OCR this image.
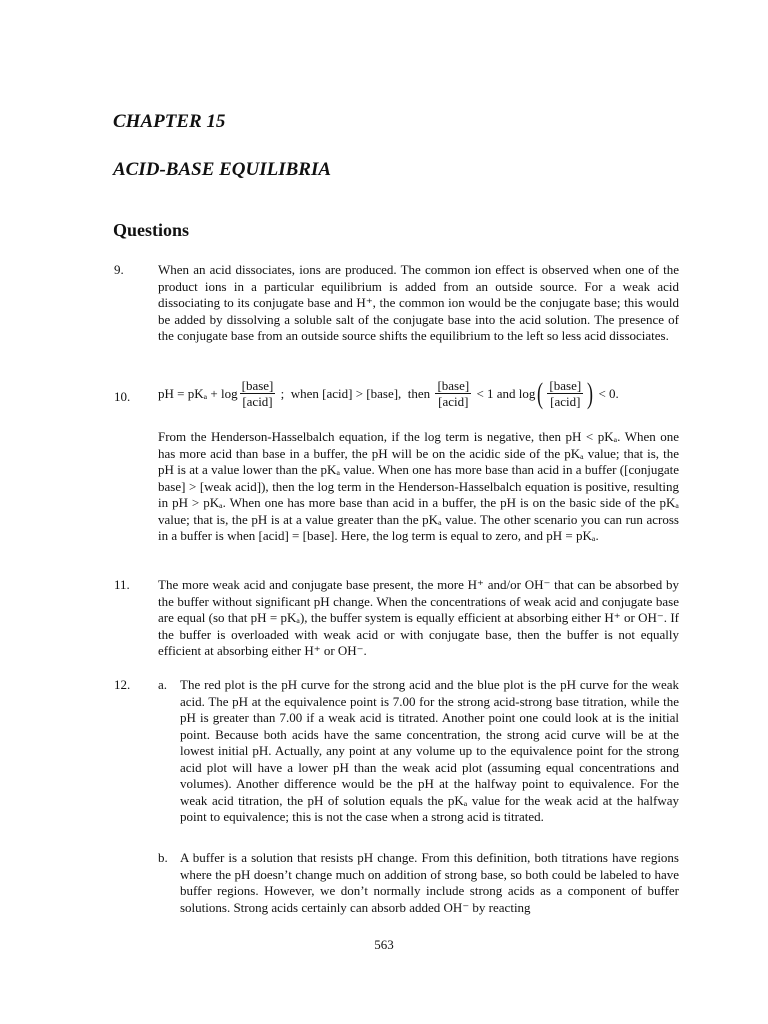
CHAPTER 15
ACID-BASE EQUILIBRIA
Questions
9.	When an acid dissociates, ions are produced. The common ion effect is observed when one of the product ions in a particular equilibrium is added from an outside source. For a weak acid dissociating to its conjugate base and H⁺, the common ion would be the conjugate base; this would be added by dissolving a soluble salt of the conjugate base into the acid solution. The presence of the conjugate base from an outside source shifts the equilibrium to the left so less acid dissociates.
10. pH = $pK_a + \log \frac{\text{[base]}}{\text{[acid]}}$ ;  when [acid] > [base],  then $\frac{\text{[base]}}{\text{[acid]}} < 1$ and log ( $\frac{\text{[base]}}{\text{[acid]}}$ ) < 0.
From the Henderson-Hasselbalch equation, if the log term is negative, then pH < pKₐ. When one has more acid than base in a buffer, the pH will be on the acidic side of the pKₐ value; that is, the pH is at a value lower than the pKₐ value. When one has more base than acid in a buffer ([conjugate base] > [weak acid]), then the log term in the Henderson-Hasselbalch equation is positive, resulting in pH > pKₐ. When one has more base than acid in a buffer, the pH is on the basic side of the pKₐ value; that is, the pH is at a value greater than the pKₐ value. The other scenario you can run across in a buffer is when [acid] = [base]. Here, the log term is equal to zero, and pH = pKₐ.
11. The more weak acid and conjugate base present, the more H⁺ and/or OH⁻ that can be absorbed by the buffer without significant pH change. When the concentrations of weak acid and conjugate base are equal (so that pH = pKₐ), the buffer system is equally efficient at absorbing either H⁺ or OH⁻. If the buffer is overloaded with weak acid or with conjugate base, then the buffer is not equally efficient at absorbing either H⁺ or OH⁻.
12. a. The red plot is the pH curve for the strong acid and the blue plot is the pH curve for the weak acid. The pH at the equivalence point is 7.00 for the strong acid-strong base titration, while the pH is greater than 7.00 if a weak acid is titrated. Another point one could look at is the initial point. Because both acids have the same concentration, the strong acid curve will be at the lowest initial pH. Actually, any point at any volume up to the equivalence point for the strong acid plot will have a lower pH than the weak acid plot (assuming equal concentrations and volumes). Another difference would be the pH at the halfway point to equivalence. For the weak acid titration, the pH of solution equals the pKₐ value for the weak acid at the halfway point to equivalence; this is not the case when a strong acid is titrated.
b. A buffer is a solution that resists pH change. From this definition, both titrations have regions where the pH doesn’t change much on addition of strong base, so both could be labeled to have buffer regions. However, we don’t normally include strong acids as a component of buffer solutions. Strong acids certainly can absorb added OH⁻ by reacting
563
